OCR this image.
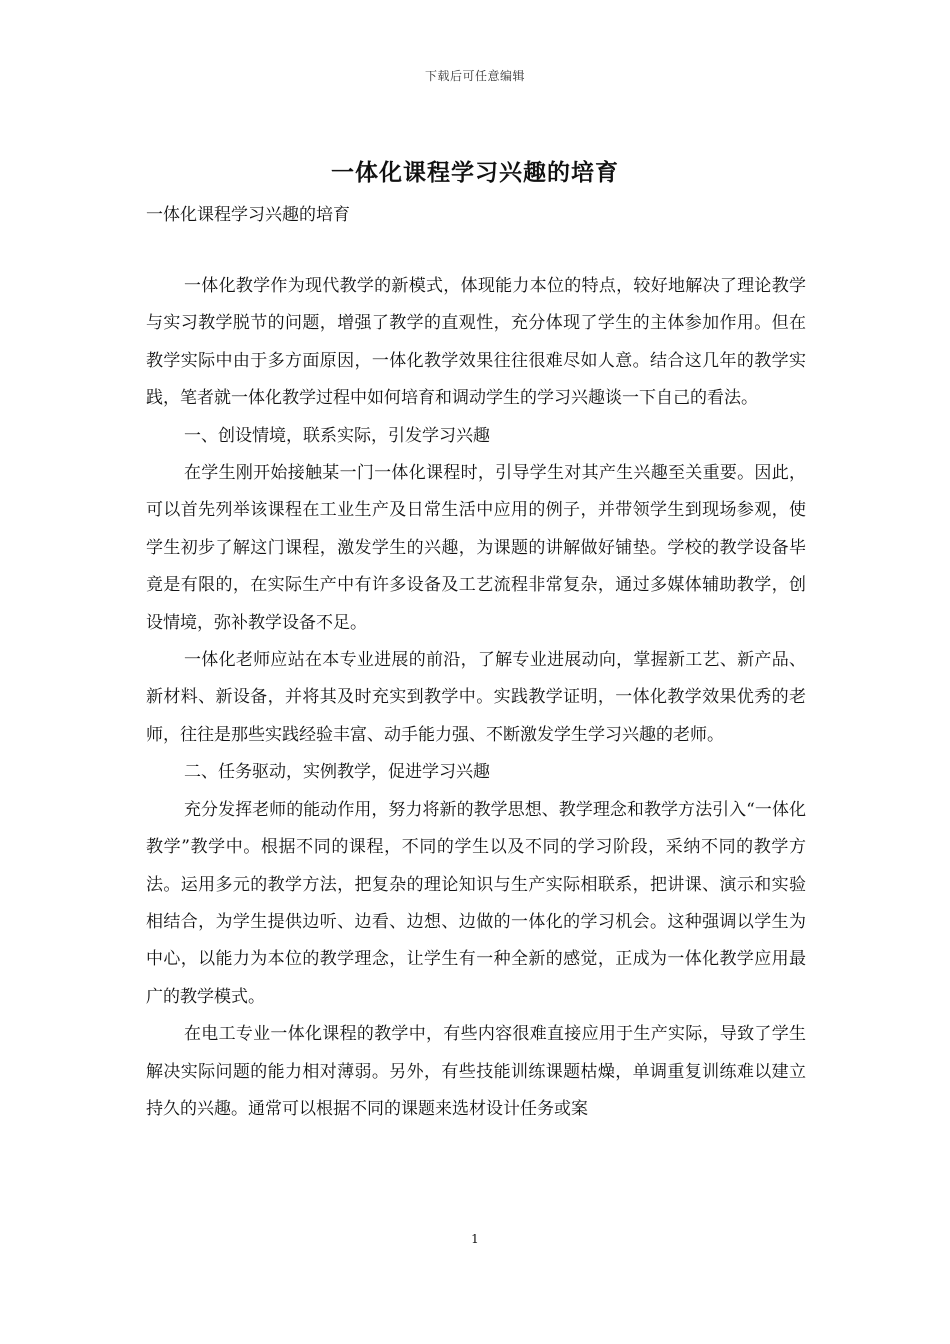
下载后可任意编辑
一体化课程学习兴趣的培育
一体化课程学习兴趣的培育

一体化教学作为现代教学的新模式，体现能力本位的特点，较好地解决了理论教学与实习教学脱节的问题，增强了教学的直观性，充分体现了学生的主体参加作用。但在教学实际中由于多方面原因，一体化教学效果往往很难尽如人意。结合这几年的教学实践，笔者就一体化教学过程中如何培育和调动学生的学习兴趣谈一下自己的看法。

一、创设情境，联系实际，引发学习兴趣

在学生刚开始接触某一门一体化课程时，引导学生对其产生兴趣至关重要。因此，可以首先列举该课程在工业生产及日常生活中应用的例子，并带领学生到现场参观，使学生初步了解这门课程，激发学生的兴趣，为课题的讲解做好铺垫。学校的教学设备毕竟是有限的，在实际生产中有许多设备及工艺流程非常复杂，通过多媒体辅助教学，创设情境，弥补教学设备不足。

一体化老师应站在本专业进展的前沿，了解专业进展动向，掌握新工艺、新产品、新材料、新设备，并将其及时充实到教学中。实践教学证明，一体化教学效果优秀的老师，往往是那些实践经验丰富、动手能力强、不断激发学生学习兴趣的老师。

二、任务驱动，实例教学，促进学习兴趣

充分发挥老师的能动作用，努力将新的教学思想、教学理念和教学方法引入“一体化教学”教学中。根据不同的课程，不同的学生以及不同的学习阶段，采纳不同的教学方法。运用多元的教学方法，把复杂的理论知识与生产实际相联系，把讲课、演示和实验相结合，为学生提供边听、边看、边想、边做的一体化的学习机会。这种强调以学生为中心，以能力为本位的教学理念，让学生有一种全新的感觉，正成为一体化教学应用最广的教学模式。

在电工专业一体化课程的教学中，有些内容很难直接应用于生产实际，导致了学生解决实际问题的能力相对薄弱。另外，有些技能训练课题枯燥，单调重复训练难以建立持久的兴趣。通常可以根据不同的课题来选材设计任务或案

1
